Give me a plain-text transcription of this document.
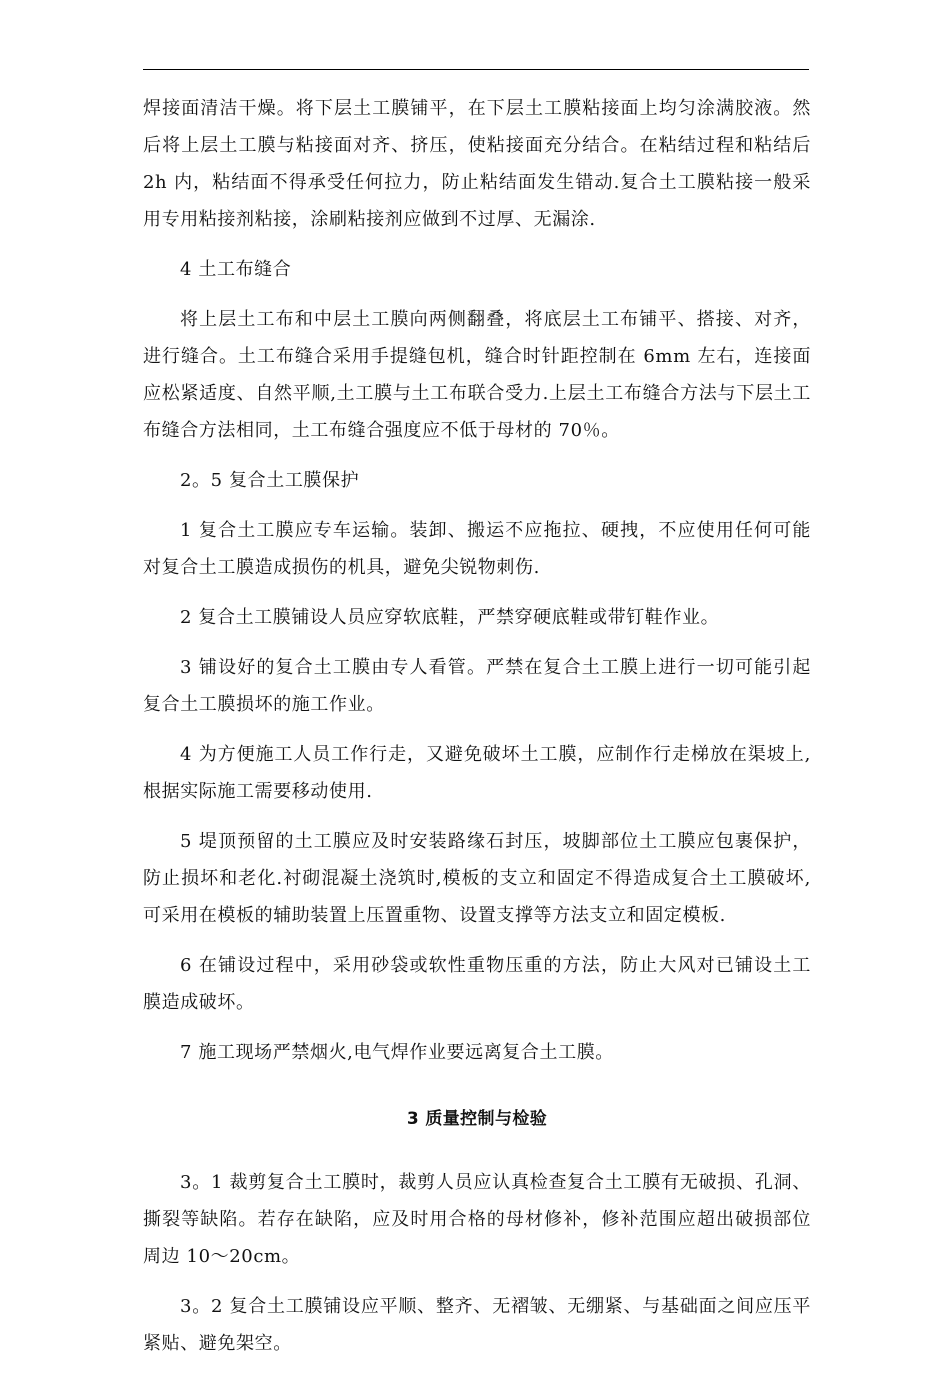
焊接面清洁干燥。将下层土工膜铺平，在下层土工膜粘接面上均匀涂满胶液。然后将上层土工膜与粘接面对齐、挤压，使粘接面充分结合。在粘结过程和粘结后2h 内，粘结面不得承受任何拉力，防止粘结面发生错动.复合土工膜粘接一般采用专用粘接剂粘接，涂刷粘接剂应做到不过厚、无漏涂.

4 土工布缝合

将上层土工布和中层土工膜向两侧翻叠，将底层土工布铺平、搭接、对齐，进行缝合。土工布缝合采用手提缝包机，缝合时针距控制在 6mm 左右，连接面应松紧适度、自然平顺,土工膜与土工布联合受力.上层土工布缝合方法与下层土工布缝合方法相同，土工布缝合强度应不低于母材的 70％。

2。5 复合土工膜保护

1 复合土工膜应专车运输。装卸、搬运不应拖拉、硬拽，不应使用任何可能对复合土工膜造成损伤的机具，避免尖锐物刺伤.

2 复合土工膜铺设人员应穿软底鞋，严禁穿硬底鞋或带钉鞋作业。

3 铺设好的复合土工膜由专人看管。严禁在复合土工膜上进行一切可能引起复合土工膜损坏的施工作业。

4 为方便施工人员工作行走，又避免破坏土工膜，应制作行走梯放在渠坡上,根据实际施工需要移动使用.

5 堤顶预留的土工膜应及时安装路缘石封压，坡脚部位土工膜应包裹保护，防止损坏和老化.衬砌混凝土浇筑时,模板的支立和固定不得造成复合土工膜破坏,可采用在模板的辅助装置上压置重物、设置支撑等方法支立和固定模板.

6 在铺设过程中，采用砂袋或软性重物压重的方法，防止大风对已铺设土工膜造成破坏。

7 施工现场严禁烟火,电气焊作业要远离复合土工膜。

3 质量控制与检验

3。1 裁剪复合土工膜时，裁剪人员应认真检查复合土工膜有无破损、孔洞、撕裂等缺陷。若存在缺陷，应及时用合格的母材修补，修补范围应超出破损部位周边 10～20cm。

3。2 复合土工膜铺设应平顺、整齐、无褶皱、无绷紧、与基础面之间应压平紧贴、避免架空。
